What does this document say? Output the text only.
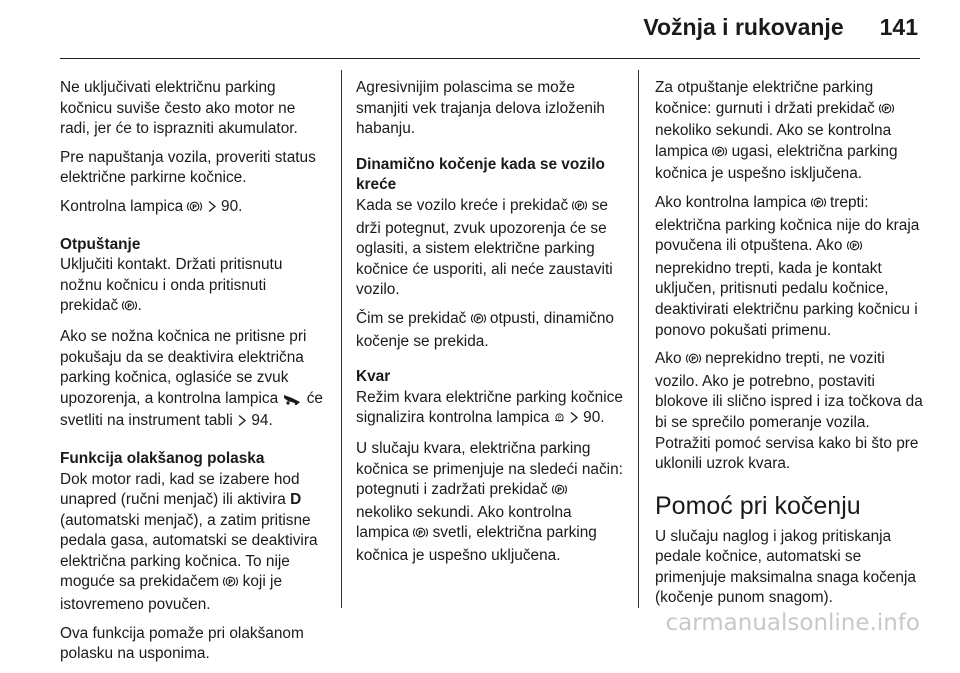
Vožnja i rukovanje 141

Ne uključivati električnu parking kočnicu suviše često ako motor ne radi, jer će to isprazniti akumulator.

Pre napuštanja vozila, proveriti status električne parkirne kočnice.

Kontrolna lampica P 90.

Otpuštanje

Uključiti kontakt. Držati pritisnutu nožnu kočnicu i onda pritisnuti prekidač P .

Ako se nožna kočnica ne pritisne pri pokušaju da se deaktivira električna parking kočnica, oglasiće se zvuk upozorenja, a kontrolna lampica  će svetliti na instrument tabli  94.

Funkcija olakšanog polaska

Dok motor radi, kad se izabere hod unapred (ručni menjač) ili aktivira D (automatski menjač), a zatim pritisne pedala gasa, automatski se deaktivira električna parking kočnica. To nije moguće sa prekidačem P koji je istovremeno povučen.

Ova funkcija pomaže pri olakšanom polasku na usponima.

Agresivnijim polascima se može smanjiti vek trajanja delova izloženih habanju.

Dinamično kočenje kada se vozilo kreće

Kada se vozilo kreće i prekidač P se drži potegnut, zvuk upozorenja će se oglasiti, a sistem električne parking kočnice će usporiti, ali neće zaustaviti vozilo.

Čim se prekidač P otpusti, dinamično kočenje se prekida.

Kvar

Režim kvara električne parking kočnice signalizira kontrolna lampica P 90.

U slučaju kvara, električna parking kočnica se primenjuje na sledeći način: potegnuti i zadržati prekidač P
nekoliko sekundi. Ako kontrolna lampica P svetli, električna parking kočnica je uspešno uključena.

Za otpuštanje električne parking kočnice: gurnuti i držati prekidač P
nekoliko sekundi. Ako se kontrolna lampica P ugasi, električna parking kočnica je uspešno isključena.

Ako kontrolna lampica P trepti: električna parking kočnica nije do kraja povučena ili otpuštena. Ako P
neprekidno trepti, kada je kontakt uključen, pritisnuti pedalu kočnice, deaktivirati električnu parking kočnicu i ponovo pokušati primenu.

Ako P neprekidno trepti, ne voziti vozilo. Ako je potrebno, postaviti blokove ili slično ispred i iza točkova da bi se sprečilo pomeranje vozila. Potražiti pomoć servisa kako bi što pre uklonili uzrok kvara.

Pomoć pri kočenju

U slučaju naglog i jakog pritiskanja pedale kočnice, automatski se primenjuje maksimalna snaga kočenja (kočenje punom snagom).

carmanualsonline.info
